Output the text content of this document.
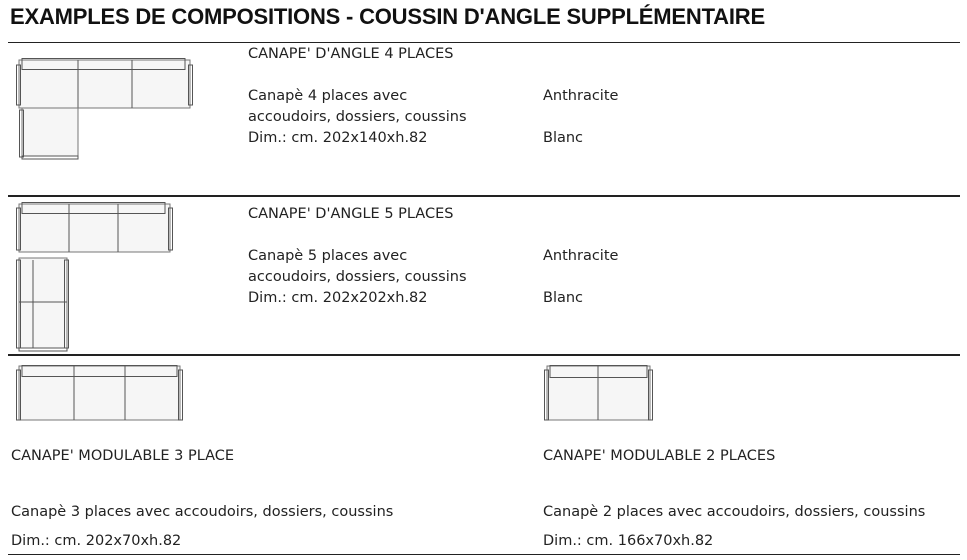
EXAMPLES DE COMPOSITIONS - COUSSIN D'ANGLE SUPPLÉMENTAIRE
CANAPE' D'ANGLE 4 PLACES
Canapè 4 places avec
accoudoirs, dossiers, coussins
Dim.: cm. 202x140xh.82
Anthracite
Blanc
CANAPE' D'ANGLE 5 PLACES
Canapè 5 places avec
accoudoirs, dossiers, coussins
Dim.: cm. 202x202xh.82
Anthracite
Blanc
CANAPE' MODULABLE 3 PLACE
Canapè 3 places avec accoudoirs, dossiers, coussins
Dim.: cm. 202x70xh.82
CANAPE' MODULABLE 2 PLACES
Canapè 2 places avec accoudoirs, dossiers, coussins
Dim.: cm. 166x70xh.82
